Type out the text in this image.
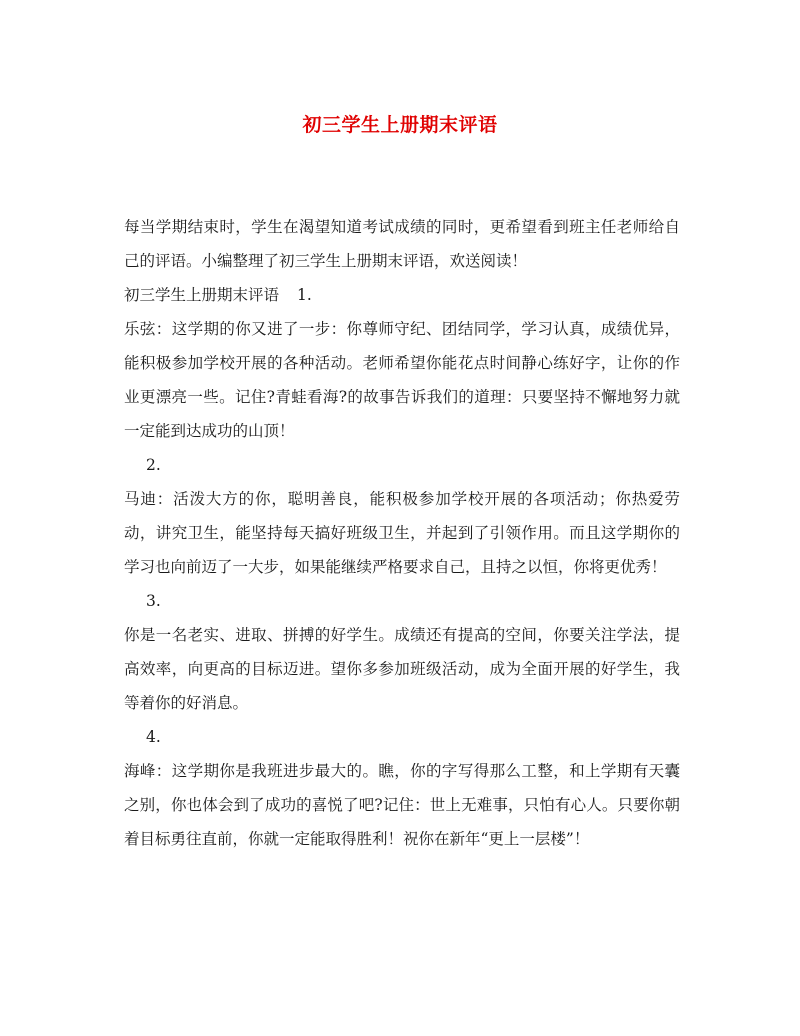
初三学生上册期末评语

每当学期结束时，学生在渴望知道考试成绩的同时，更希望看到班主任老师给自己的评语。小编整理了初三学生上册期末评语，欢送阅读！

初三学生上册期末评语 1.

乐弦：这学期的你又进了一步：你尊师守纪、团结同学，学习认真，成绩优异，能积极参加学校开展的各种活动。老师希望你能花点时间静心练好字，让你的作业更漂亮一些。记住?青蛙看海?的故事告诉我们的道理：只要坚持不懈地努力就一定能到达成功的山顶！

2.

马迪：活泼大方的你，聪明善良，能积极参加学校开展的各项活动；你热爱劳动，讲究卫生，能坚持每天搞好班级卫生，并起到了引领作用。而且这学期你的学习也向前迈了一大步，如果能继续严格要求自己，且持之以恒，你将更优秀！

3.

你是一名老实、进取、拼搏的好学生。成绩还有提高的空间，你要关注学法，提高效率，向更高的目标迈进。望你多参加班级活动，成为全面开展的好学生，我等着你的好消息。

4.

海峰：这学期你是我班进步最大的。瞧，你的字写得那么工整，和上学期有天囊之别，你也体会到了成功的喜悦了吧?记住：世上无难事，只怕有心人。只要你朝着目标勇往直前，你就一定能取得胜利！祝你在新年“更上一层楼”！
